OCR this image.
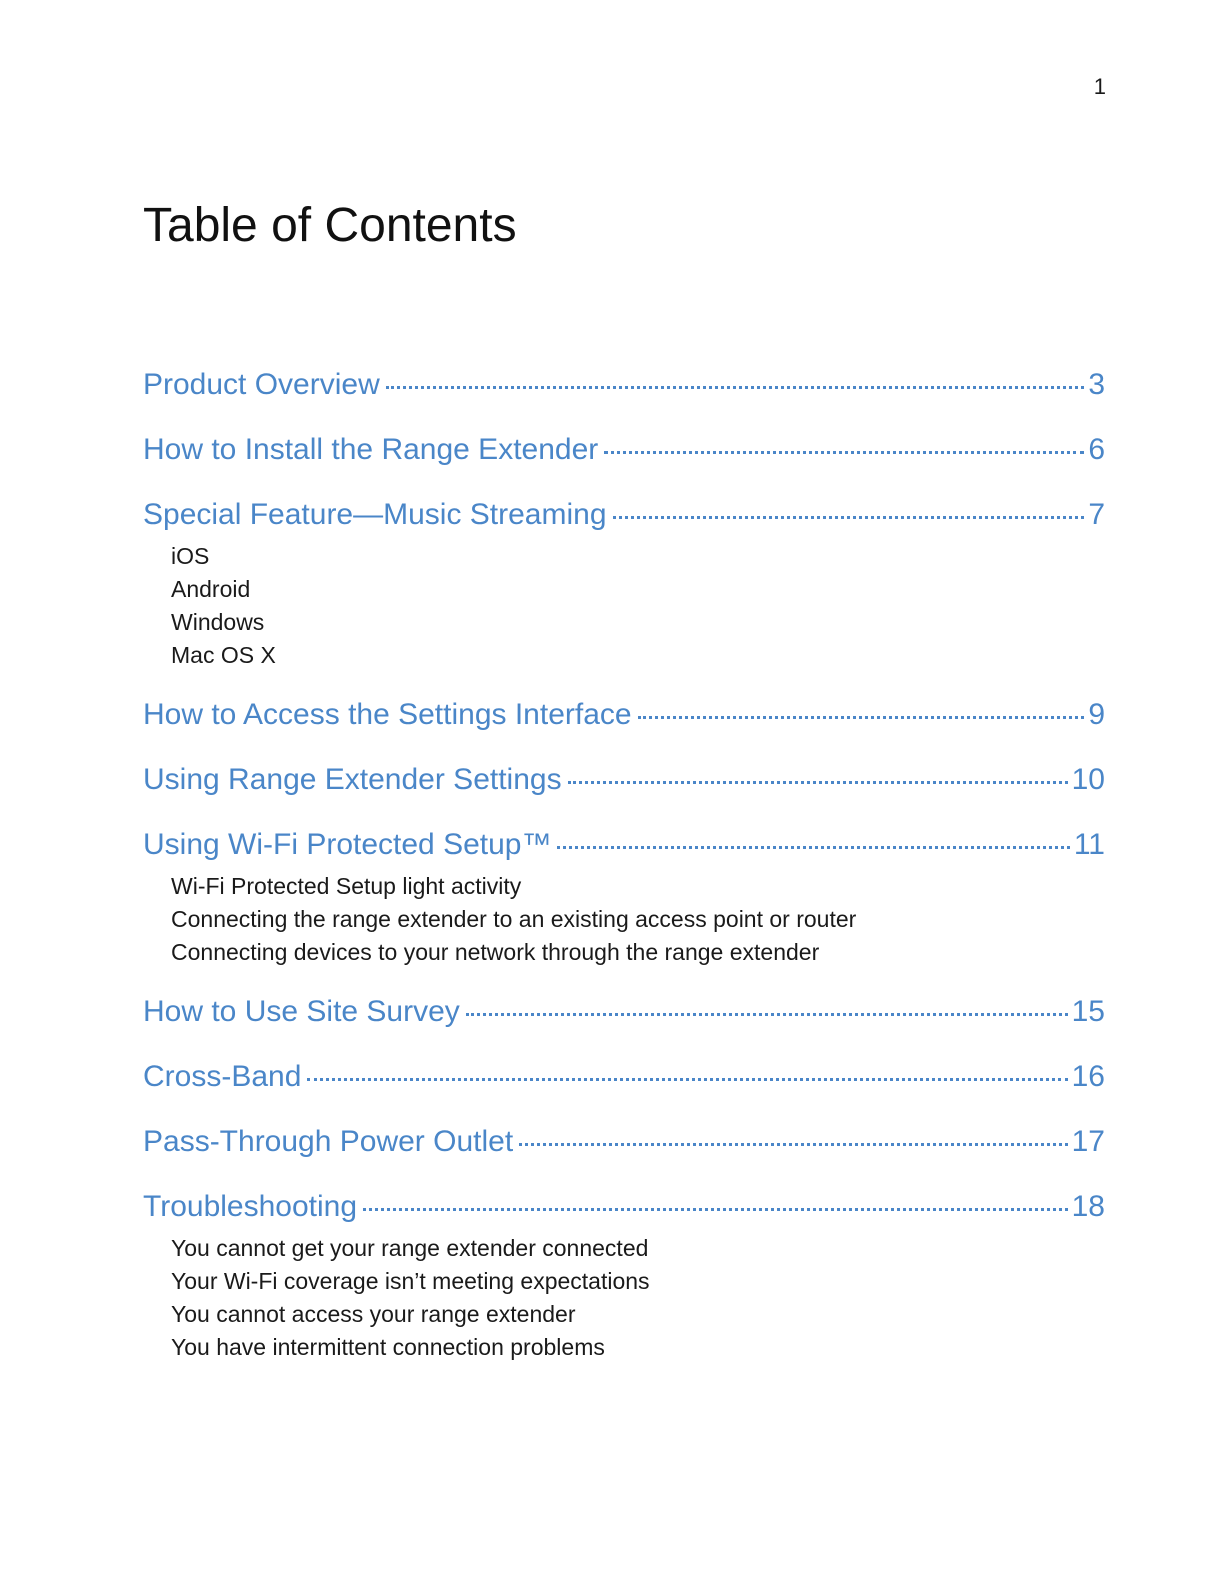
1
Table of Contents
Product Overview	3
How to Install the Range Extender	6
Special Feature—Music Streaming	7
iOS
Android
Windows
Mac OS X
How to Access the Settings Interface	9
Using Range Extender Settings	10
Using Wi-Fi Protected Setup™	11
Wi-Fi Protected Setup light activity
Connecting the range extender to an existing access point or router
Connecting devices to your network through the range extender
How to Use Site Survey	15
Cross-Band	16
Pass-Through Power Outlet	17
Troubleshooting	18
You cannot get your range extender connected
Your Wi-Fi coverage isn’t meeting expectations
You cannot access your range extender
You have intermittent connection problems
